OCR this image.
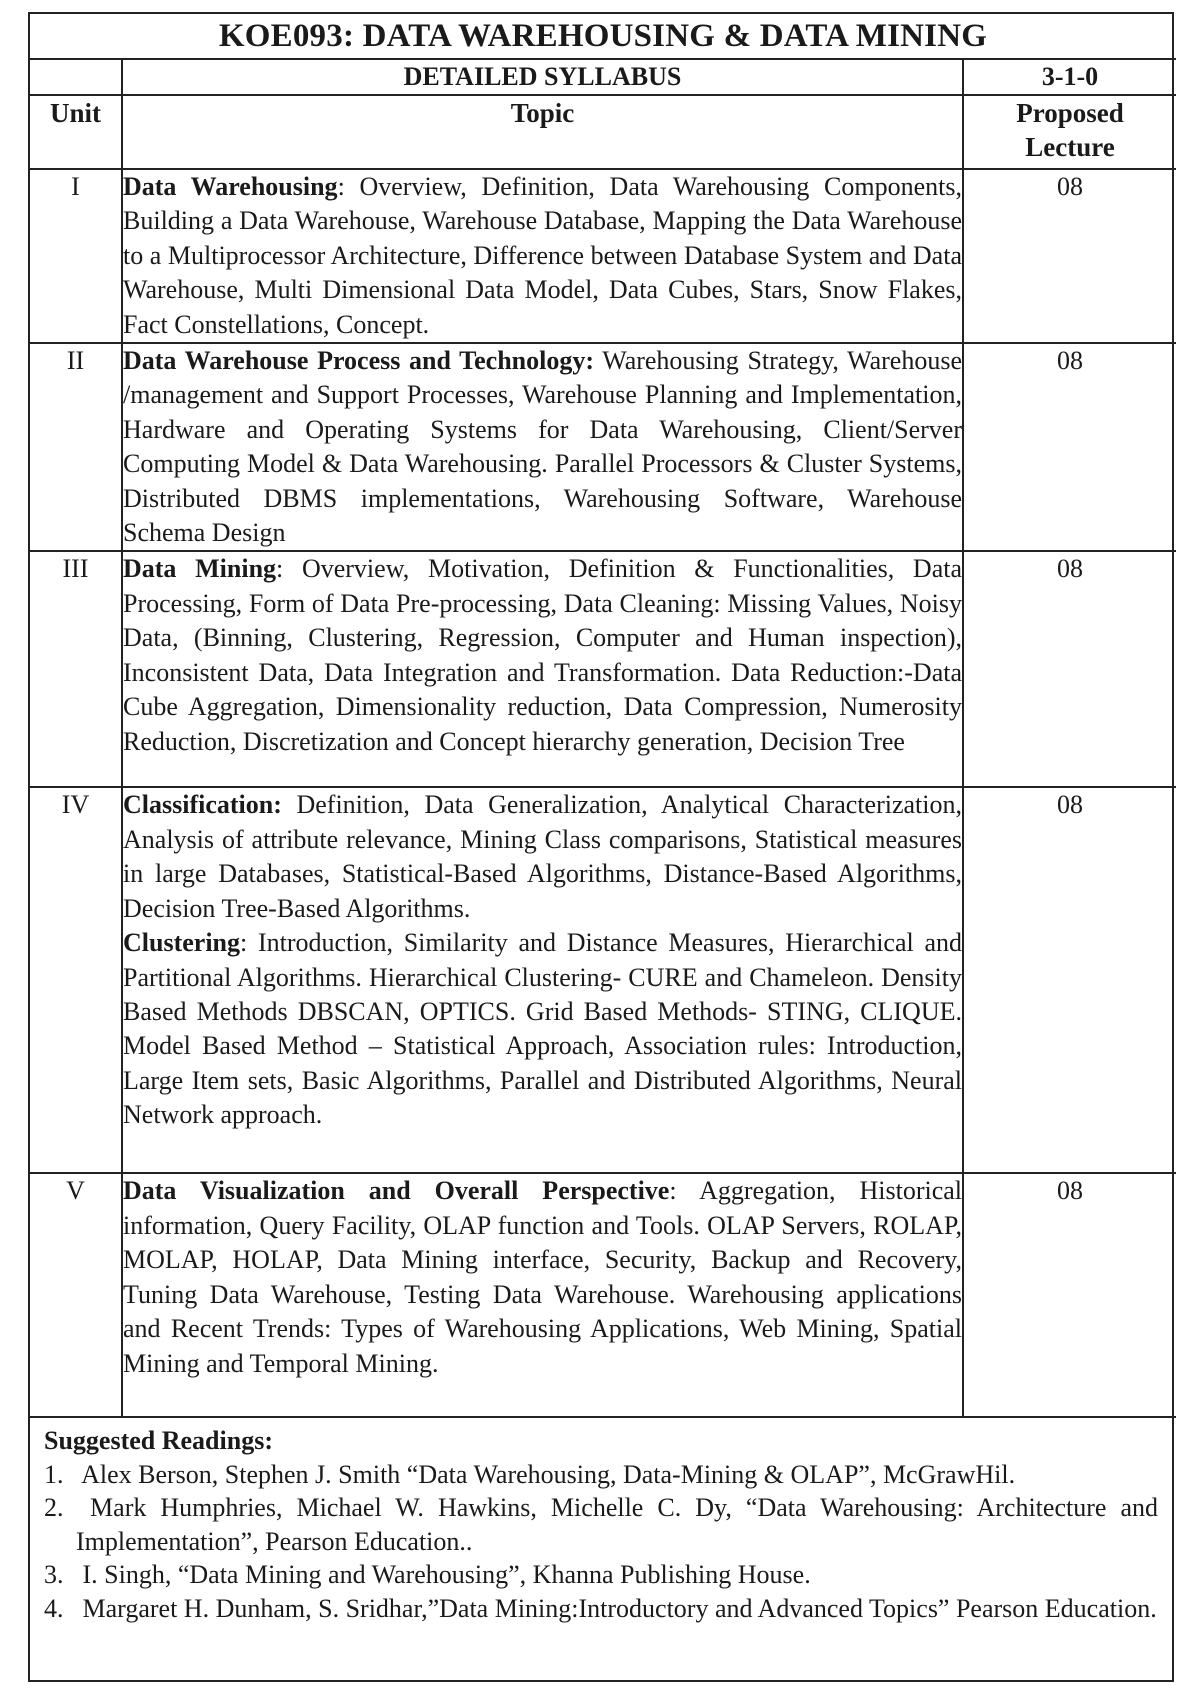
KOE093: DATA WAREHOUSING & DATA MINING		
	DETAILED SYLLABUS	3-1-0
Unit	Topic	Proposed
Lecture
I	Data Warehousing: Overview, Definition, Data Warehousing Components, Building a Data Warehouse, Warehouse Database, Mapping the Data Warehouse to a Multiprocessor Architecture, Difference between Database System and Data Warehouse, Multi Dimensional Data Model, Data Cubes, Stars, Snow Flakes, Fact Constellations, Concept.	08
II	Data Warehouse Process and Technology: Warehousing Strategy, Warehouse /management and Support Processes, Warehouse Planning and Implementation, Hardware and Operating Systems for Data Warehousing, Client/Server Computing Model & Data Warehousing. Parallel Processors & Cluster Systems, Distributed DBMS implementations, Warehousing Software, Warehouse Schema Design	08
III	Data Mining: Overview, Motivation, Definition & Functionalities, Data Processing, Form of Data Pre-processing, Data Cleaning: Missing Values, Noisy Data, (Binning, Clustering, Regression, Computer and Human inspection), Inconsistent Data, Data Integration and Transformation. Data Reduction:-Data Cube Aggregation, Dimensionality reduction, Data Compression, Numerosity Reduction, Discretization and Concept hierarchy generation, Decision Tree	08
IV	Classification: Definition, Data Generalization, Analytical Characterization, Analysis of attribute relevance, Mining Class comparisons, Statistical measures in large Databases, Statistical-Based Algorithms, Distance-Based Algorithms, Decision Tree-Based Algorithms.

Clustering: Introduction, Similarity and Distance Measures, Hierarchical and Partitional Algorithms. Hierarchical Clustering- CURE and Chameleon. Density Based Methods DBSCAN, OPTICS. Grid Based Methods- STING, CLIQUE. Model Based Method – Statistical Approach, Association rules: Introduction, Large Item sets, Basic Algorithms, Parallel and Distributed Algorithms, Neural Network approach.	08
V	Data Visualization and Overall Perspective: Aggregation, Historical information, Query Facility, OLAP function and Tools. OLAP Servers, ROLAP, MOLAP, HOLAP, Data Mining interface, Security, Backup and Recovery, Tuning Data Warehouse, Testing Data Warehouse. Warehousing applications and Recent Trends: Types of Warehousing Applications, Web Mining, Spatial Mining and Temporal Mining.	08

Suggested Readings:

1. Alex Berson, Stephen J. Smith “Data Warehousing, Data-Mining & OLAP”, McGrawHil.
2. Mark Humphries, Michael W. Hawkins, Michelle C. Dy, “Data Warehousing: Architecture and Implementation”, Pearson Education..
3. I. Singh, “Data Mining and Warehousing”, Khanna Publishing House.
4. Margaret H. Dunham, S. Sridhar,”Data Mining:Introductory and Advanced Topics” Pearson Education.
